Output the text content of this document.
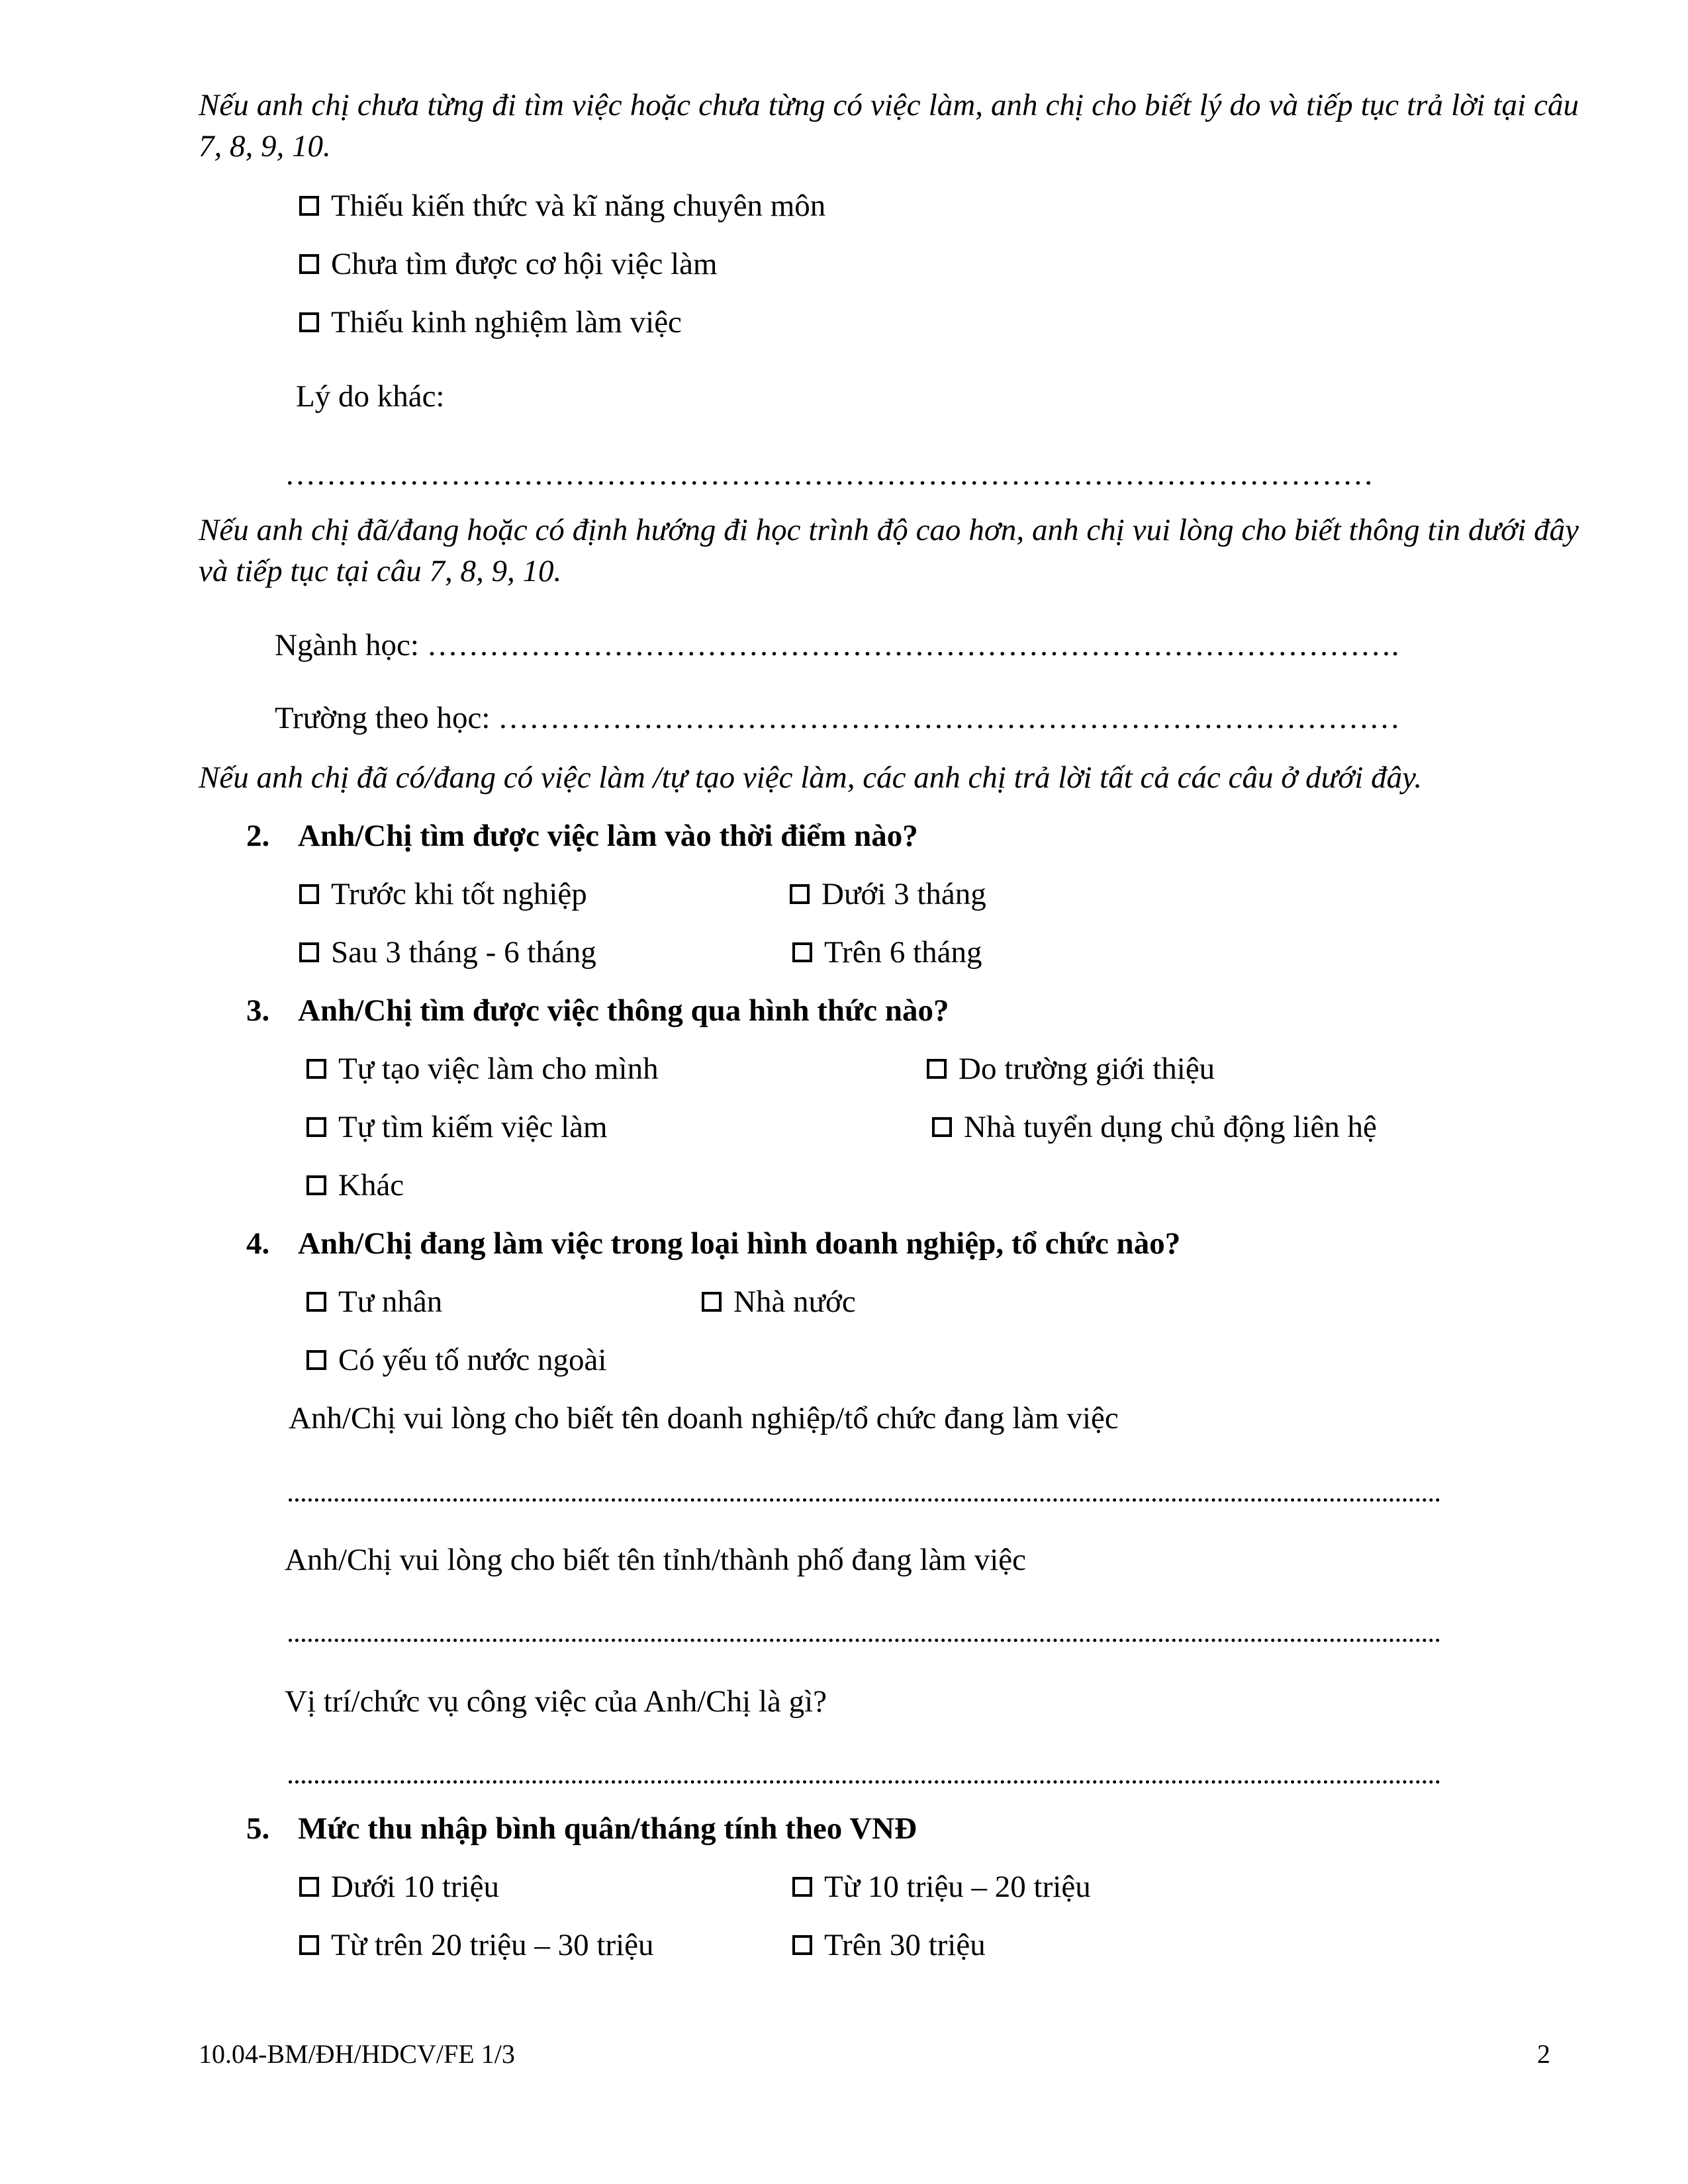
Nếu anh chị chưa từng đi tìm việc hoặc chưa từng có việc làm, anh chị cho biết lý do và tiếp tục trả lời tại câu 7, 8, 9, 10.
Thiếu kiến thức và kĩ năng chuyên môn
Chưa tìm được cơ hội việc làm
Thiếu kinh nghiệm làm việc
Lý do khác:
……………………………………………………………………………………………
Nếu anh chị đã/đang hoặc có định hướng đi học trình độ cao hơn, anh chị vui lòng cho biết thông tin dưới đây và tiếp tục tại câu 7, 8, 9, 10.
Ngành học: ………………………………………………………………………………….
Trường theo học: ……………………………………………………………………………
Nếu anh chị đã có/đang có việc làm /tự tạo việc làm, các anh chị trả lời tất cả các câu ở dưới đây.
2. Anh/Chị tìm được việc làm vào thời điểm nào?
Trước khi tốt nghiệp	Dưới 3 tháng
Sau 3 tháng - 6 tháng	Trên 6 tháng
3. Anh/Chị tìm được việc thông qua hình thức nào?
Tự tạo việc làm cho mình	Do trường giới thiệu
Tự tìm kiếm việc làm	Nhà tuyển dụng chủ động liên hệ
Khác
4. Anh/Chị đang làm việc trong loại hình doanh nghiệp, tổ chức nào?
Tư nhân	Nhà nước
Có yếu tố nước ngoài
Anh/Chị vui lòng cho biết tên doanh nghiệp/tổ chức đang làm việc
Anh/Chị vui lòng cho biết tên tỉnh/thành phố đang làm việc
Vị trí/chức vụ công việc của Anh/Chị là gì?
5. Mức thu nhập bình quân/tháng tính theo VNĐ
Dưới 10 triệu	Từ 10 triệu – 20 triệu
Từ trên 20 triệu – 30 triệu	Trên 30 triệu
10.04-BM/ĐH/HDCV/FE 1/3	2
